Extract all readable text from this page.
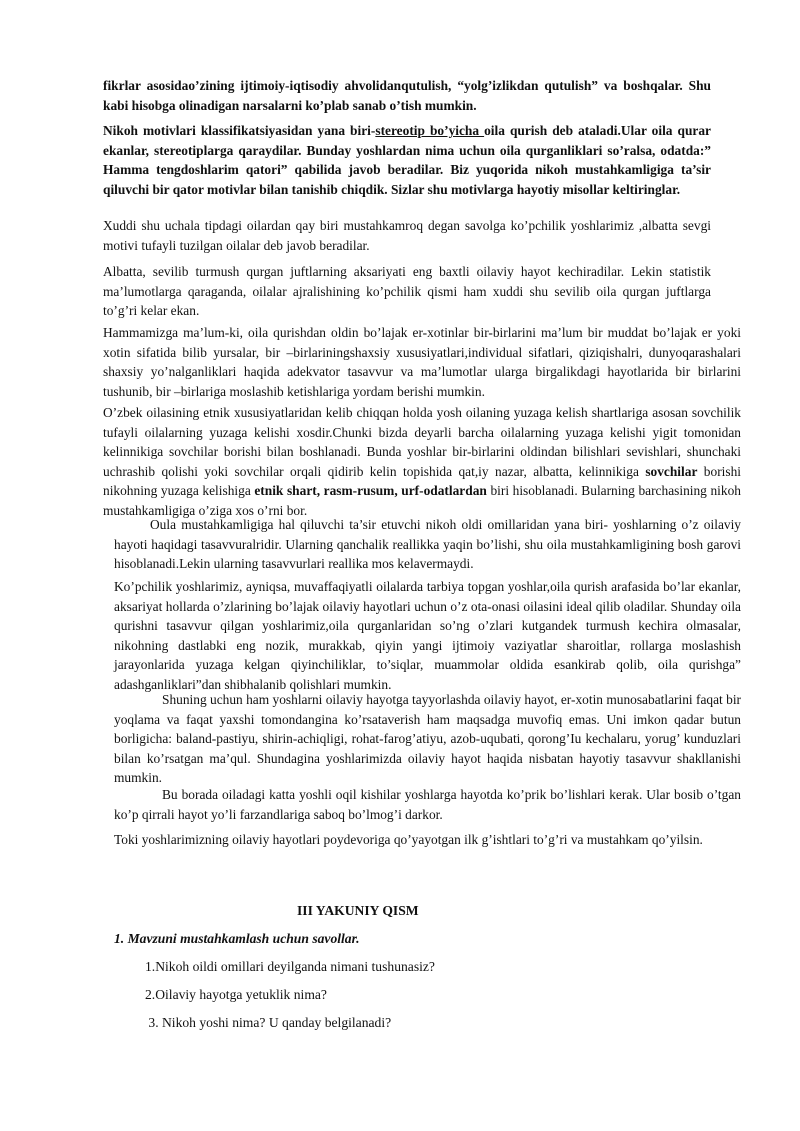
fikrlar asosidao’zining ijtimoiy-iqtisodiy ahvolidanqutulish, “yolg’izlikdan qutulish” va boshqalar. Shu kabi hisobga olinadigan narsalarni ko’plab sanab o’tish mumkin.

Nikoh motivlari klassifikatsiyasidan yana biri-stereotip bo’yicha oila qurish deb ataladi.Ular oila qurar ekanlar, stereotiplarga qaraydilar. Bunday yoshlardan nima uchun oila qurganliklari so’ralsa, odatda:” Hamma tengdoshlarim qatori” qabilida javob beradilar. Biz yuqorida nikoh mustahkamligiga ta’sir qiluvchi bir qator motivlar bilan tanishib chiqdik. Sizlar shu motivlarga hayotiy misollar keltiringlar.

Xuddi shu uchala tipdagi oilardan qay biri mustahkamroq degan savolga ko’pchilik yoshlarimiz ,albatta sevgi motivi tufayli tuzilgan oilalar deb javob beradilar.

Albatta, sevilib turmush qurgan juftlarning aksariyati eng baxtli oilaviy hayot kechiradilar. Lekin statistik ma’lumotlarga qaraganda, oilalar ajralishining ko’pchilik qismi ham xuddi shu sevilib oila qurgan juftlarga to’g’ri kelar ekan.

Hammamizga ma’lum-ki, oila qurishdan oldin bo’lajak er-xotinlar bir-birlarini ma’lum bir muddat bo’lajak er yoki xotin sifatida bilib yursalar, bir –birlariningshaxsiy xususiyatlari,individual sifatlari, qiziqishalri, dunyoqarashalari shaxsiy yo’nalganliklari haqida adekvator tasavvur va ma’lumotlar ularga birgalikdagi hayotlarida bir birlarini tushunib, bir –birlariga moslashib ketishlariga yordam berishi mumkin.

O’zbek oilasining etnik xususiyatlaridan kelib chiqqan holda yosh oilaning yuzaga kelish shartlariga asosan sovchilik tufayli oilalarning yuzaga kelishi xosdir.Chunki bizda deyarli barcha oilalarning yuzaga kelishi yigit tomonidan kelinnikiga sovchilar borishi bilan boshlanadi. Bunda yoshlar bir-birlarini oldindan bilishlari sevishlari, shunchaki uchrashib qolishi yoki sovchilar orqali qidirib kelin topishida qat,iy nazar, albatta, kelinnikiga sovchilar borishi nikohning yuzaga kelishiga etnik shart, rasm-rusum, urf-odatlardan biri hisoblanadi. Bularning barchasining nikoh mustahkamligiga o’ziga xos o’rni bor.

Oula mustahkamligiga hal qiluvchi ta’sir etuvchi nikoh oldi omillaridan yana biri- yoshlarning o’z oilaviy hayoti haqidagi tasavvuralridir. Ularning qanchalik reallikka yaqin bo’lishi, shu oila mustahkamligining bosh garovi hisoblanadi.Lekin ularning tasavvurlari reallika mos kelavermaydi.

Ko’pchilik yoshlarimiz, ayniqsa, muvaffaqiyatli oilalarda tarbiya topgan yoshlar,oila qurish arafasida bo’lar ekanlar, aksariyat hollarda o’zlarining bo’lajak oilaviy hayotlari uchun o’z ota-onasi oilasini ideal qilib oladilar. Shunday oila qurishni tasavvur qilgan yoshlarimiz,oila qurganlaridan so’ng o’zlari kutgandek turmush kechira olmasalar, nikohning dastlabki eng nozik, murakkab, qiyin yangi ijtimoiy vaziyatlar sharoitlar, rollarga moslashish jarayonlarida yuzaga kelgan qiyinchiliklar, to’siqlar, muammolar oldida esankirab qolib, oila qurishga” adashganliklari”dan shibhalanib qolishlari mumkin.

Shuning uchun ham yoshlarni oilaviy hayotga tayyorlashda oilaviy hayot, er-xotin munosabatlarini faqat bir yoqlama va faqat yaxshi tomondangina ko’rsataverish ham maqsadga muvofiq emas. Uni imkon qadar butun borligicha: baland-pastiyu, shirin-achiqligi, rohat-farog’atiyu, azob-uqubati, qorong’Iu kechalaru, yorug’ kunduzlari bilan ko’rsatgan ma’qul. Shundagina yoshlarimizda oilaviy hayot haqida nisbatan hayotiy tasavvur shakllanishi mumkin.

Bu borada oiladagi katta yoshli oqil kishilar yoshlarga hayotda ko’prik bo’lishlari kerak. Ular bosib o’tgan ko’p qirrali hayot yo’li farzandlariga saboq bo’lmog’i darkor.

Toki yoshlarimizning oilaviy hayotlari poydevoriga qo’yayotgan ilk g’ishtlari to’g’ri va mustahkam qo’yilsin.

III YAKUNIY QISM

1. Mavzuni mustahkamlash uchun savollar.

1.Nikoh oildi omillari deyilganda nimani tushunasiz?

2.Oilaviy hayotga yetuklik nima?

3. Nikoh yoshi nima? U qanday belgilanadi?
